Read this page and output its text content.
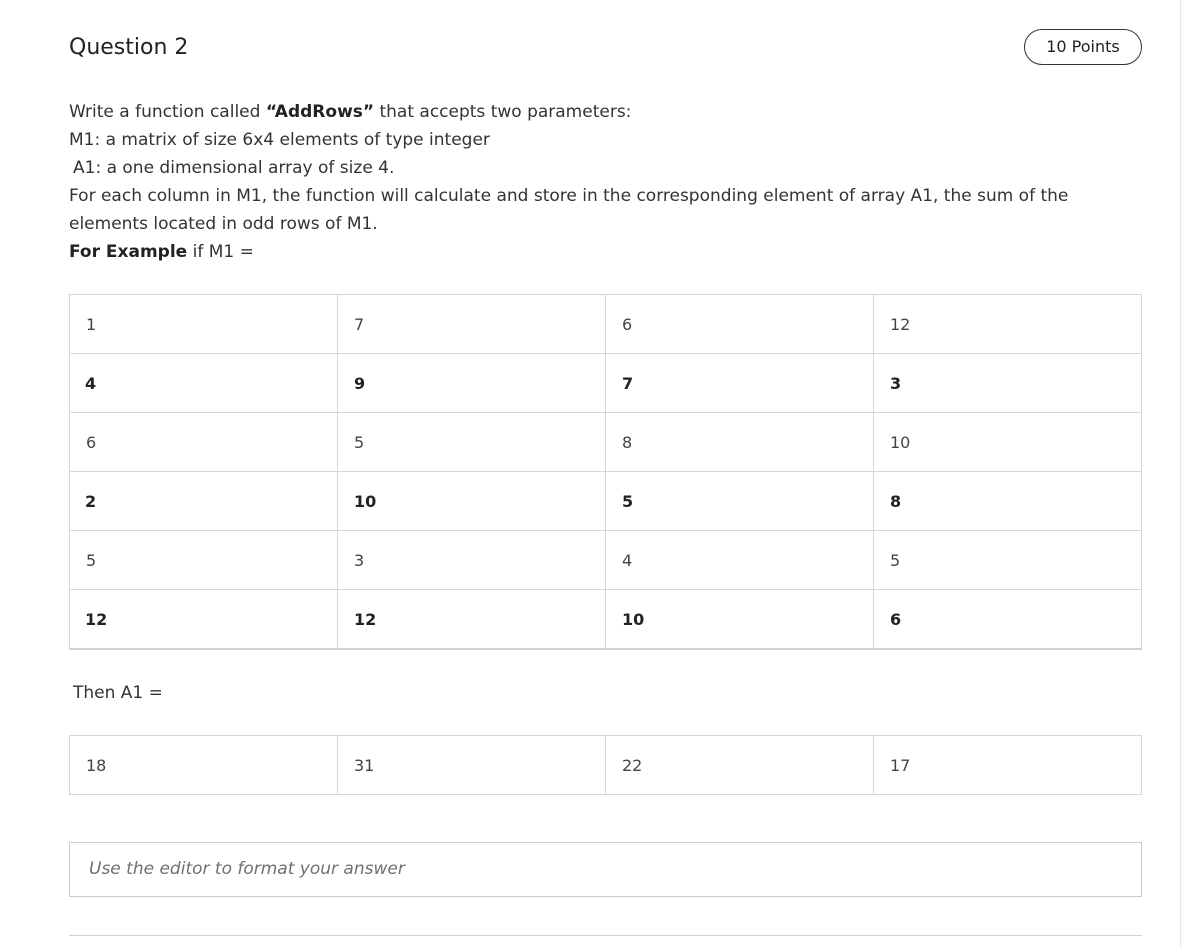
Question 2	10 Points

Write a function called “AddRows” that accepts two parameters:

M1: a matrix of size 6x4 elements of type integer

A1: a one dimensional array of size 4.

For each column in M1, the function will calculate and store in the corresponding element of array A1, the sum of the elements located in odd rows of M1.

For Example if M1 =

1	7	6	12
4	9	7	3
6	5	8	10
2	10	5	8
5	3	4	5
12	12	10	6
Then A1 =
18	31	22	17
Use the editor to format your answer
